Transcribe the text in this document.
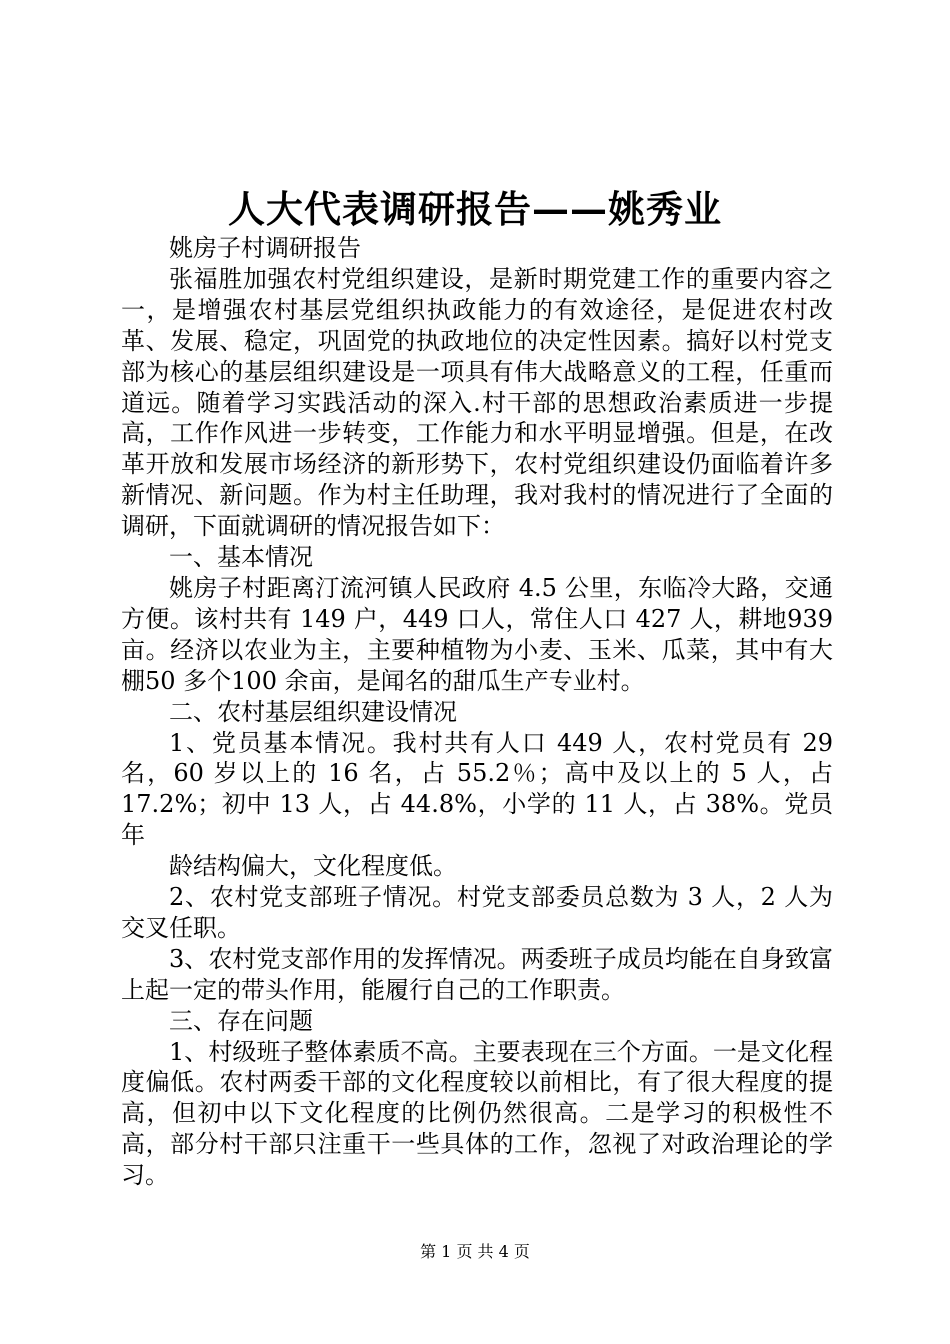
人大代表调研报告——姚秀业

姚房子村调研报告

张福胜加强农村党组织建设，是新时期党建工作的重要内容之一，是增强农村基层党组织执政能力的有效途径，是促进农村改革、发展、稳定，巩固党的执政地位的决定性因素。搞好以村党支部为核心的基层组织建设是一项具有伟大战略意义的工程，任重而道远。随着学习实践活动的深入.村干部的思想政治素质进一步提高，工作作风进一步转变，工作能力和水平明显增强。但是，在改革开放和发展市场经济的新形势下，农村党组织建设仍面临着许多新情况、新问题。作为村主任助理，我对我村的情况进行了全面的调研，下面就调研的情况报告如下：

一、基本情况

姚房子村距离汀流河镇人民政府 4.5 公里，东临冷大路，交通方便。该村共有 149 户，449 口人，常住人口 427 人，耕地939 亩。经济以农业为主，主要种植物为小麦、玉米、瓜菜，其中有大棚50 多个100 余亩，是闻名的甜瓜生产专业村。

二、农村基层组织建设情况

1、党员基本情况。我村共有人口 449 人，农村党员有 29 名，60 岁以上的 16 名，占 55.2％；高中及以上的 5 人，占 17.2%；初中 13 人，占 44.8%，小学的 11 人，占 38%。党员年

龄结构偏大，文化程度低。

2、农村党支部班子情况。村党支部委员总数为 3 人，2 人为交叉任职。

3、农村党支部作用的发挥情况。两委班子成员均能在自身致富上起一定的带头作用，能履行自己的工作职责。

三、存在问题

1、村级班子整体素质不高。主要表现在三个方面。一是文化程度偏低。农村两委干部的文化程度较以前相比，有了很大程度的提高，但初中以下文化程度的比例仍然很高。二是学习的积极性不高，部分村干部只注重干一些具体的工作，忽视了对政治理论的学习。

第 1 页 共 4 页
